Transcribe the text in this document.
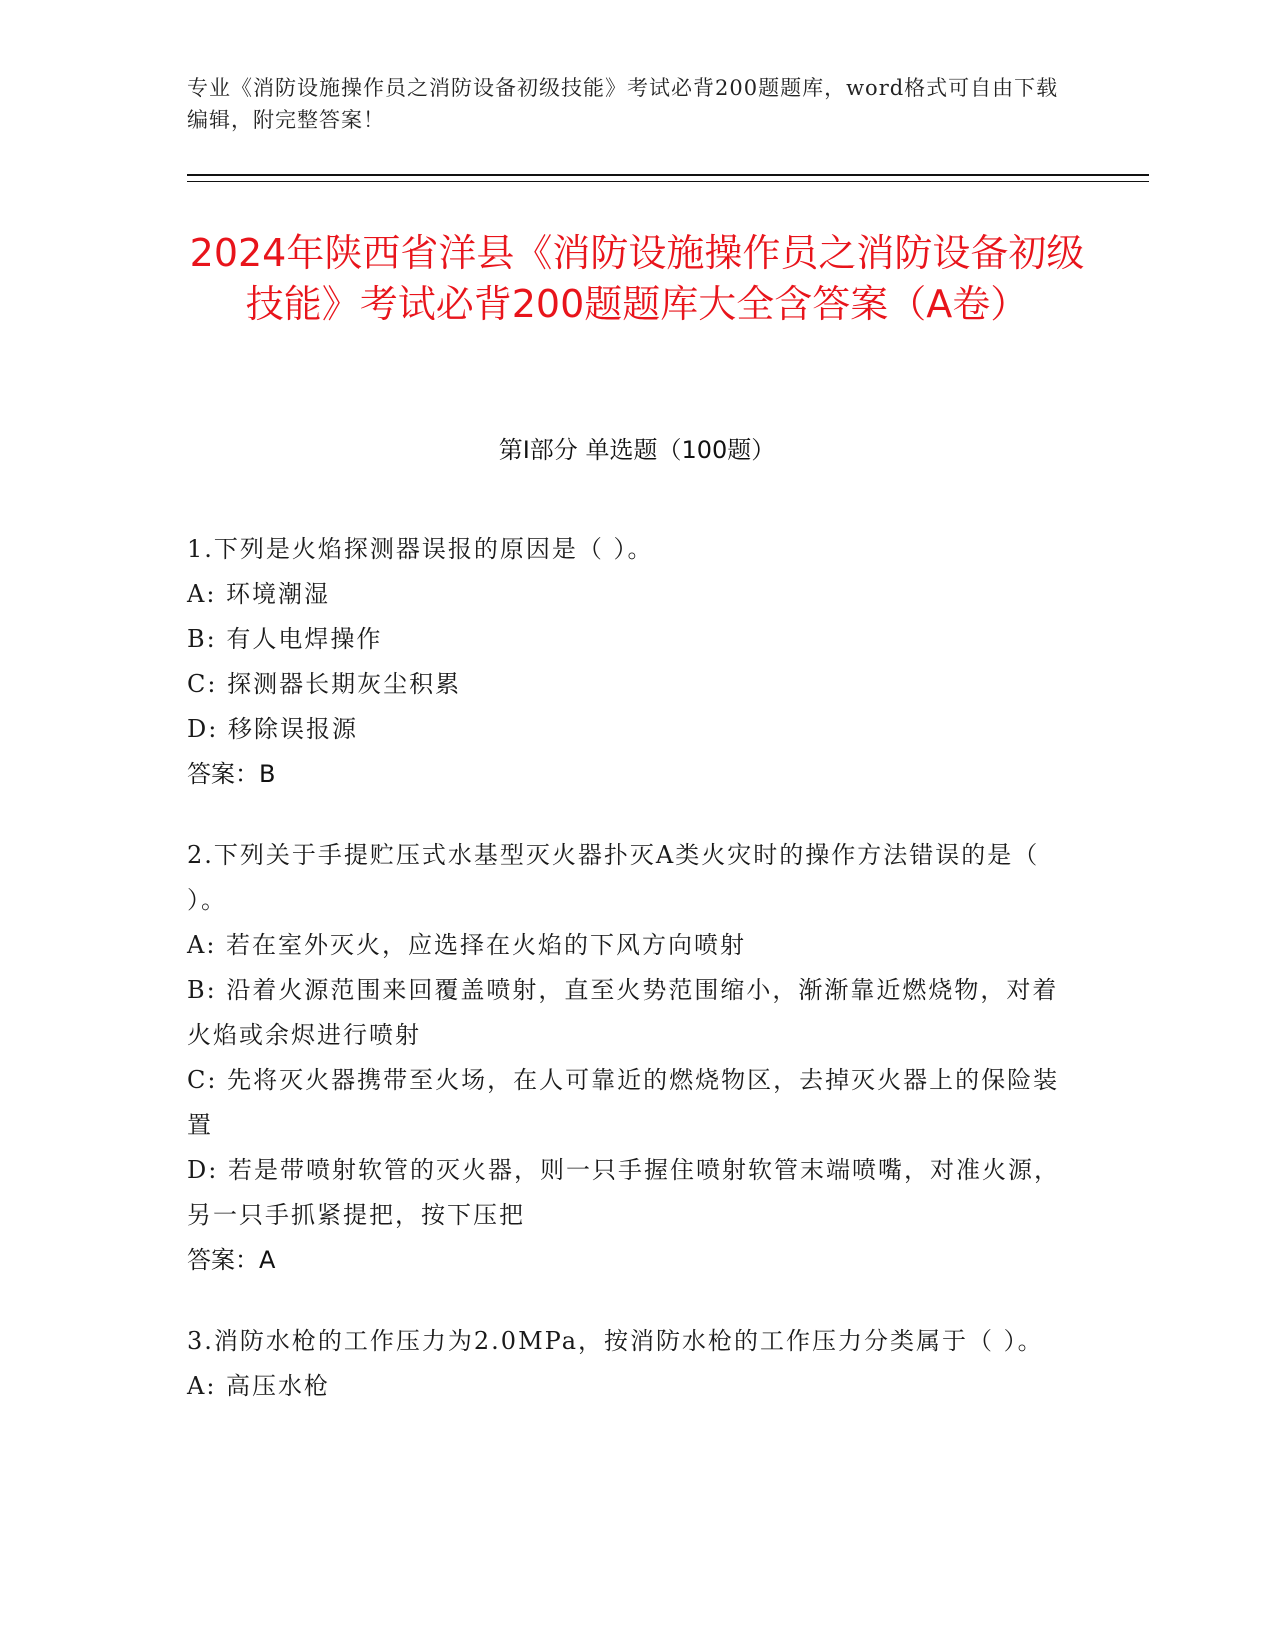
专业《消防设施操作员之消防设备初级技能》考试必背200题题库，word格式可自由下载编辑，附完整答案！
2024年陕西省洋县《消防设施操作员之消防设备初级技能》考试必背200题题库大全含答案（A卷）
第Ⅰ部分 单选题（100题）

1.下列是火焰探测器误报的原因是（ ）。

A: 环境潮湿

B: 有人电焊操作

C: 探测器长期灰尘积累

D: 移除误报源

答案：B

2.下列关于手提贮压式水基型灭火器扑灭A类火灾时的操作方法错误的是（ ）。

A: 若在室外灭火，应选择在火焰的下风方向喷射

B: 沿着火源范围来回覆盖喷射，直至火势范围缩小，渐渐靠近燃烧物，对着火焰或余烬进行喷射

C: 先将灭火器携带至火场，在人可靠近的燃烧物区，去掉灭火器上的保险装置

D: 若是带喷射软管的灭火器，则一只手握住喷射软管末端喷嘴，对准火源，另一只手抓紧提把，按下压把

答案：A

3.消防水枪的工作压力为2.0MPa，按消防水枪的工作压力分类属于（ ）。

A: 高压水枪
